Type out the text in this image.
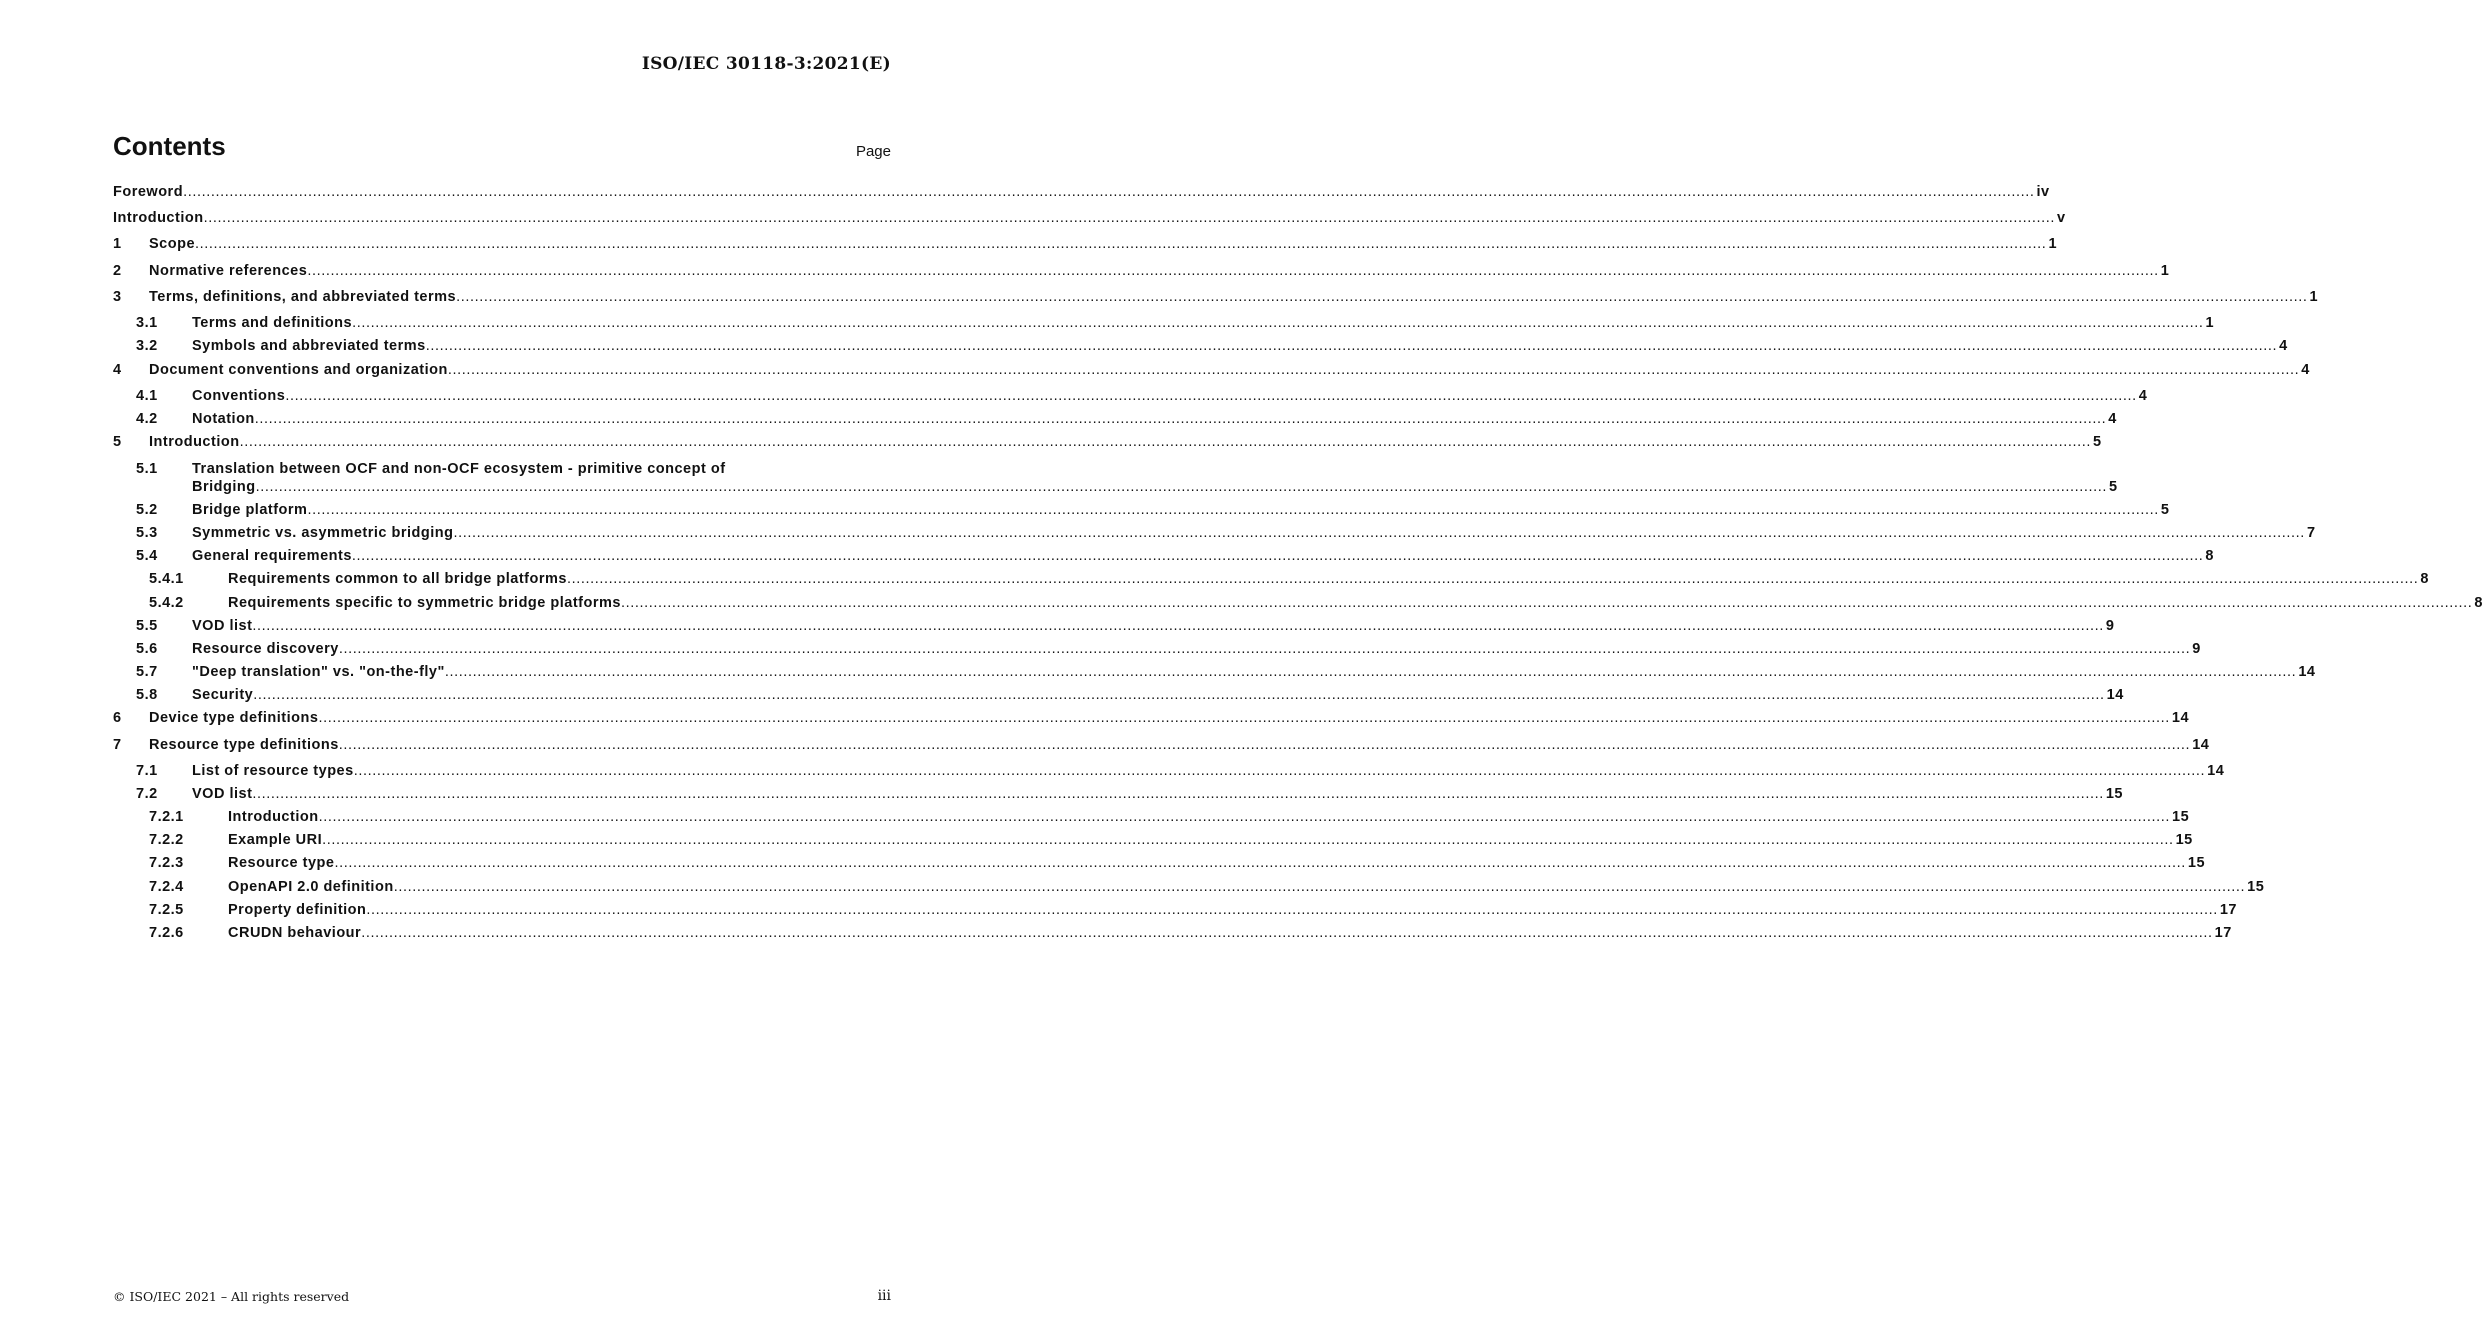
ISO/IEC 30118-3:2021(E)
Contents	Page
Foreword ................................................................................................................................................................................................................................................................................................................................................................................................................ iv
Introduction ................................................................................................................................................................................................................................................................................................................................................................................................................ v
1 Scope ................................................................................................................................................................................................................................................................................................................................................................................................................ 1
2 Normative references ................................................................................................................................................................................................................................................................................................................................................................................................................ 1
3 Terms, definitions, and abbreviated terms ................................................................................................................................................................................................................................................................................................................................................................................................................ 1
3.1 Terms and definitions ................................................................................................................................................................................................................................................................................................................................................................................................................ 1
3.2 Symbols and abbreviated terms ................................................................................................................................................................................................................................................................................................................................................................................................................ 4
4 Document conventions and organization ................................................................................................................................................................................................................................................................................................................................................................................................................ 4
4.1 Conventions ................................................................................................................................................................................................................................................................................................................................................................................................................ 4
4.2 Notation ................................................................................................................................................................................................................................................................................................................................................................................................................ 4
5 Introduction ................................................................................................................................................................................................................................................................................................................................................................................................................ 5
5.1 Translation between OCF and non-OCF ecosystem - primitive concept of
Bridging ................................................................................................................................................................................................................................................................................................................................................................................................................ 5
5.2 Bridge platform ................................................................................................................................................................................................................................................................................................................................................................................................................ 5
5.3 Symmetric vs. asymmetric bridging ................................................................................................................................................................................................................................................................................................................................................................................................................ 7
5.4 General requirements ................................................................................................................................................................................................................................................................................................................................................................................................................ 8
5.4.1	Requirements common to all bridge platforms ................................................................................................................................................................................................................................................................................................................................................................................................................ 8
5.4.2	Requirements specific to symmetric bridge platforms ................................................................................................................................................................................................................................................................................................................................................................................................................ 8
5.5 VOD list ................................................................................................................................................................................................................................................................................................................................................................................................................ 9
5.6 Resource discovery ................................................................................................................................................................................................................................................................................................................................................................................................................ 9
5.7 "Deep translation" vs. "on-the-fly" ................................................................................................................................................................................................................................................................................................................................................................................................................ 14
5.8 Security ................................................................................................................................................................................................................................................................................................................................................................................................................ 14
6 Device type definitions ................................................................................................................................................................................................................................................................................................................................................................................................................ 14
7 Resource type definitions ................................................................................................................................................................................................................................................................................................................................................................................................................ 14
7.1 List of resource types ................................................................................................................................................................................................................................................................................................................................................................................................................ 14
7.2 VOD list ................................................................................................................................................................................................................................................................................................................................................................................................................ 15
7.2.1	Introduction ................................................................................................................................................................................................................................................................................................................................................................................................................ 15
7.2.2	Example URI ................................................................................................................................................................................................................................................................................................................................................................................................................ 15
7.2.3	Resource type ................................................................................................................................................................................................................................................................................................................................................................................................................ 15
7.2.4	OpenAPI 2.0 definition ................................................................................................................................................................................................................................................................................................................................................................................................................ 15
7.2.5	Property definition ................................................................................................................................................................................................................................................................................................................................................................................................................ 17
7.2.6	CRUDN behaviour ................................................................................................................................................................................................................................................................................................................................................................................................................ 17
© ISO/IEC 2021 – All rights reserved	iii
